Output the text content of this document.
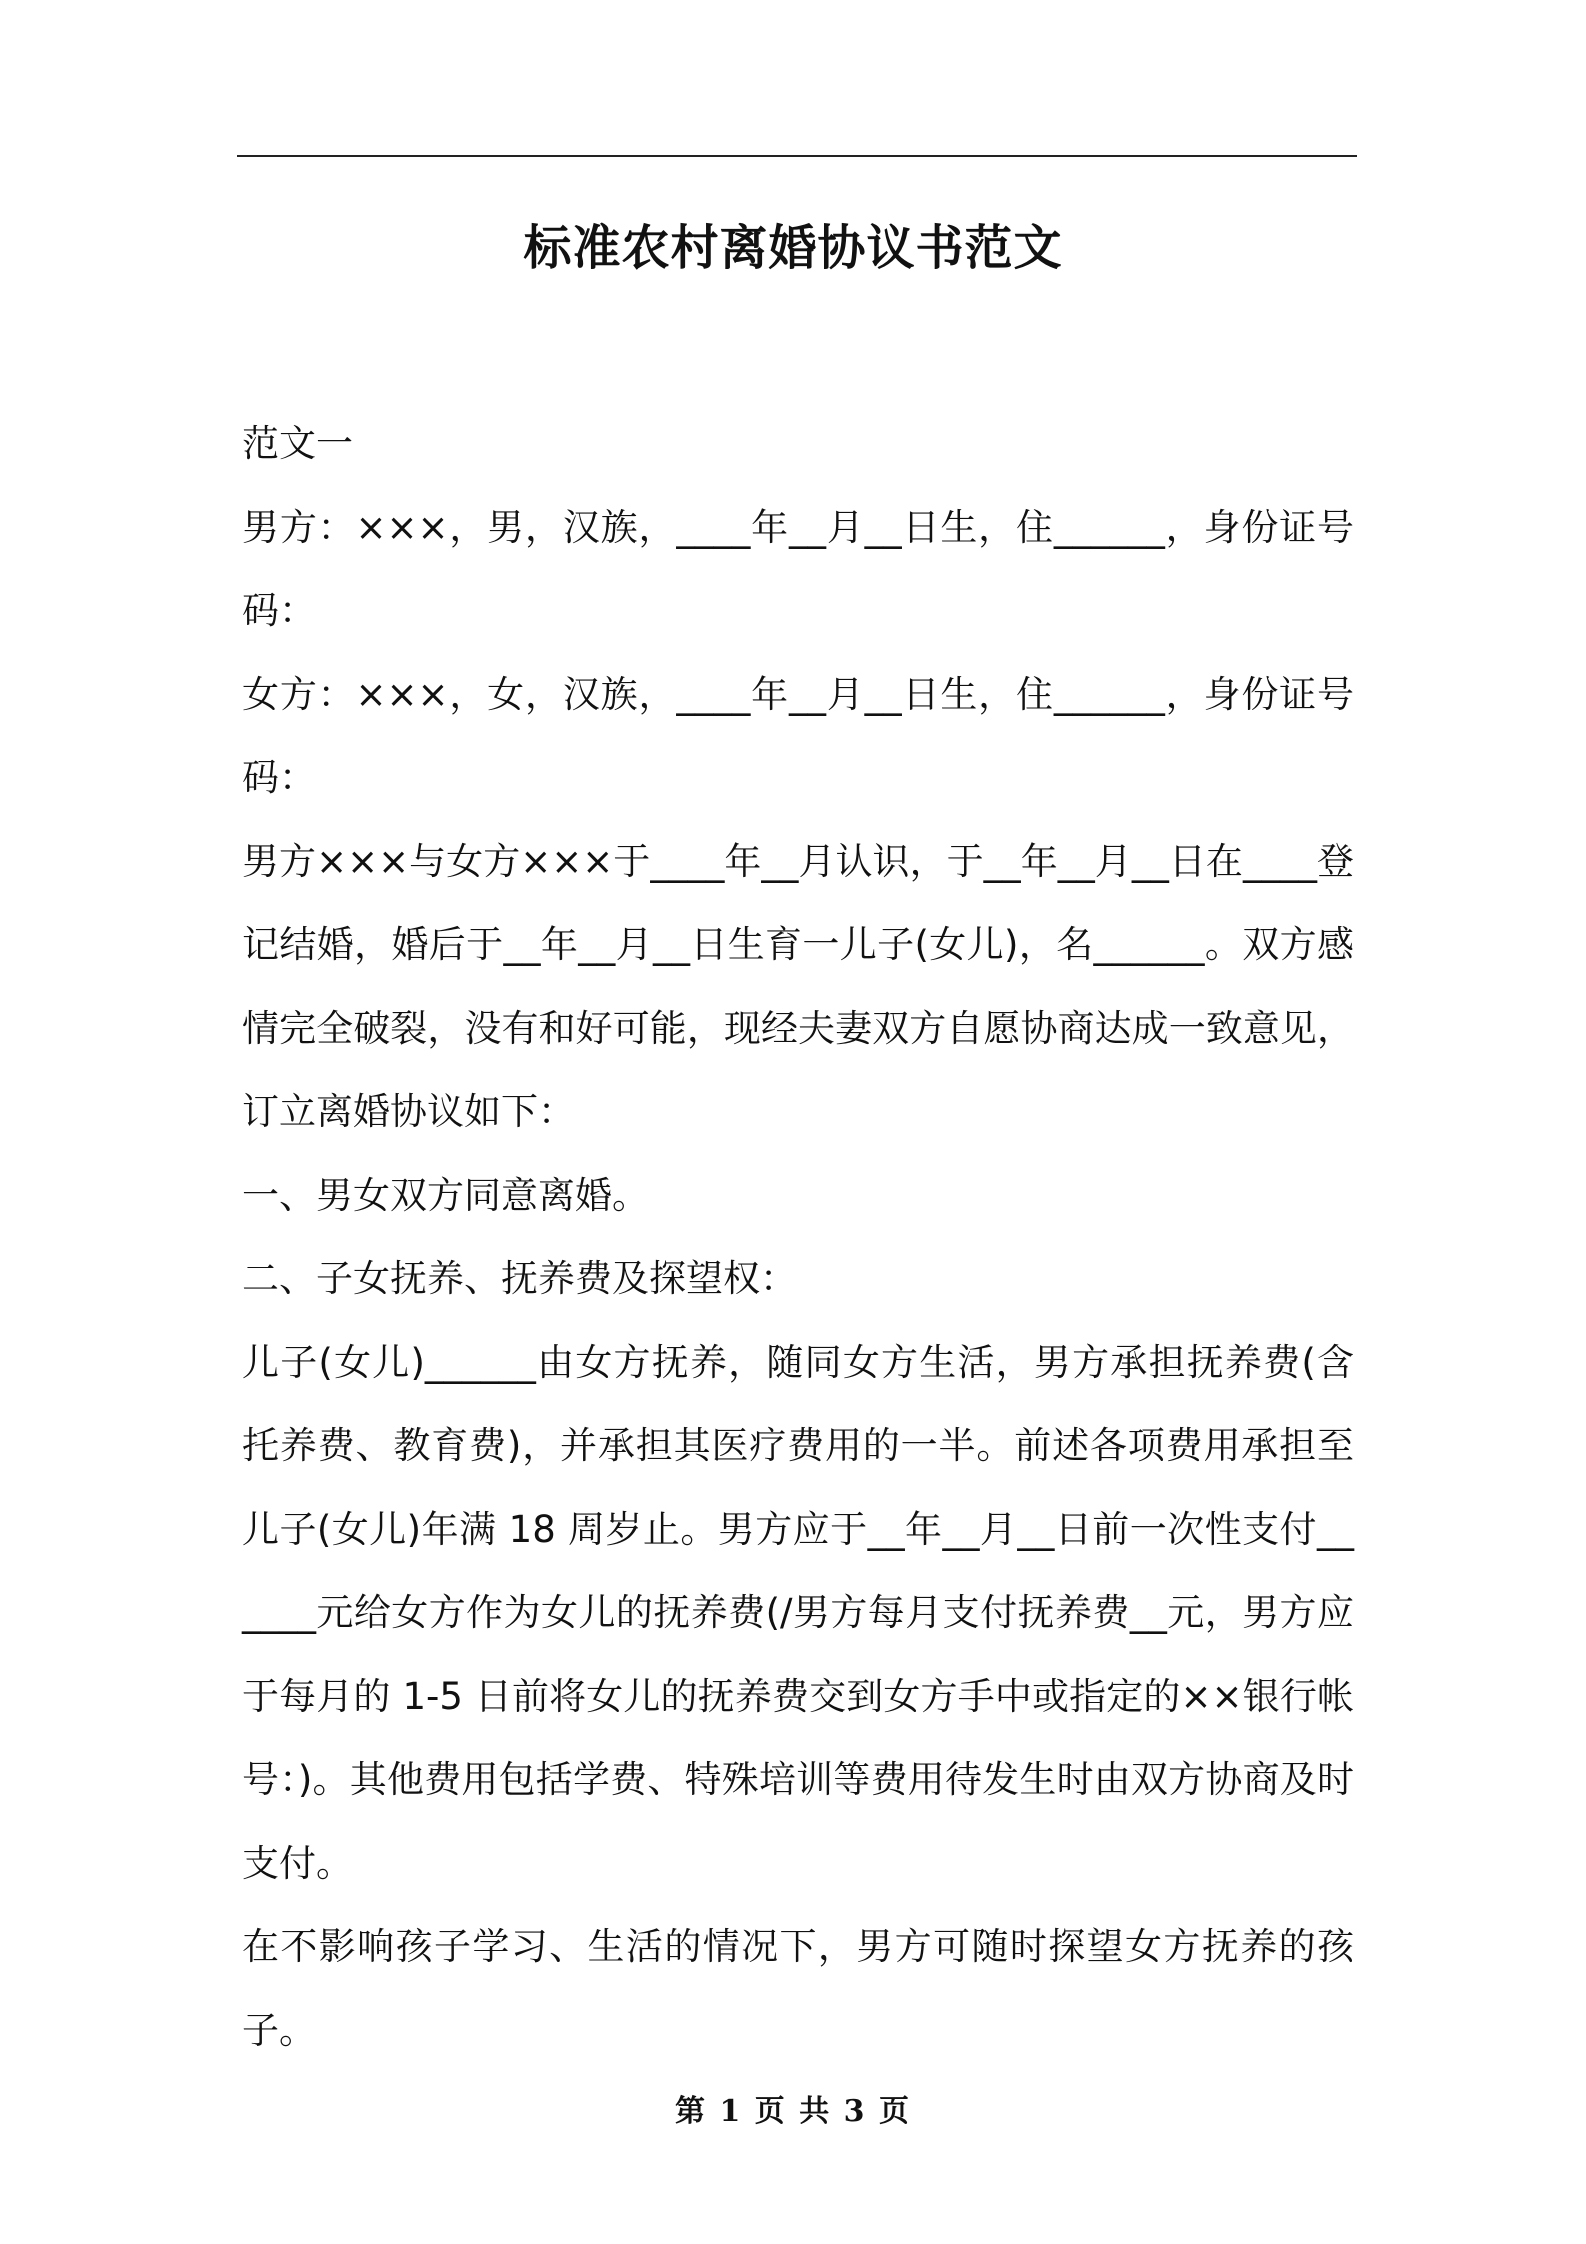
标准农村离婚协议书范文

范文一

男方：×××，男，汉族，____年__月__日生，住______，身份证号码：

女方：×××，女，汉族，____年__月__日生，住______，身份证号码：

男方×××与女方×××于____年__月认识，于__年__月__日在____登记结婚，婚后于__年__月__日生育一儿子(女儿)，名______。双方感情完全破裂，没有和好可能，现经夫妻双方自愿协商达成一致意见，订立离婚协议如下：

一、男女双方同意离婚。

二、子女抚养、抚养费及探望权：

儿子(女儿)______由女方抚养，随同女方生活，男方承担抚养费(含托养费、教育费)，并承担其医疗费用的一半。前述各项费用承担至儿子(女儿)年满 18 周岁止。男方应于__年__月__日前一次性支付______元给女方作为女儿的抚养费(/男方每月支付抚养费__元，男方应于每月的 1-5 日前将女儿的抚养费交到女方手中或指定的××银行帐号：)。其他费用包括学费、特殊培训等费用待发生时由双方协商及时支付。

在不影响孩子学习、生活的情况下，男方可随时探望女方抚养的孩子。

第 1 页 共 3 页
